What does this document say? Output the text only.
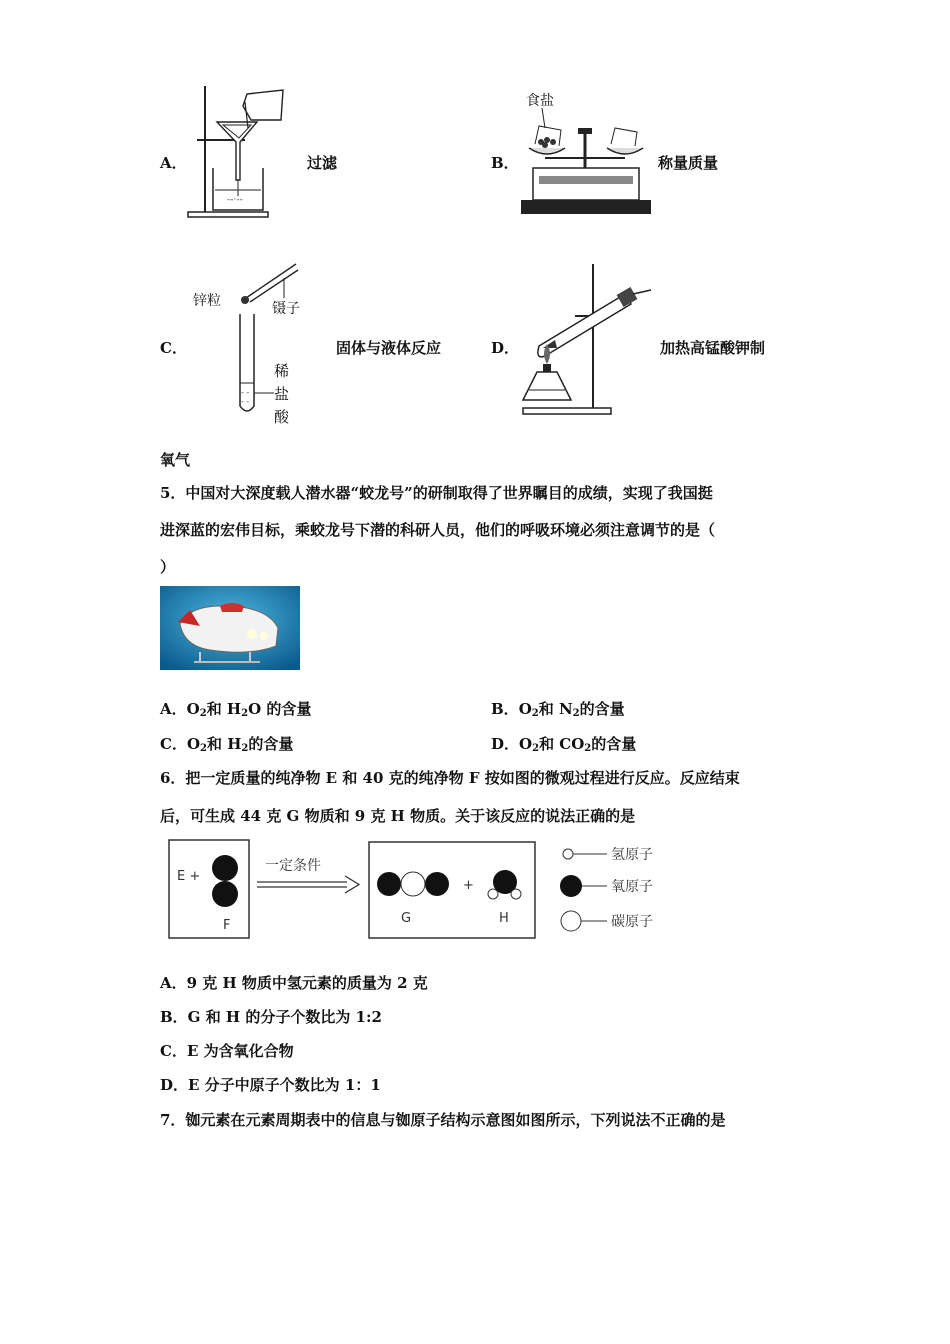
A．
--·--
过滤	B．
食盐
称量质量
C．
锌粒	镊子
- -
- -
稀
盐
酸
固体与液体反应	D．	加热高锰酸钾制
氧气
5．中国对大深度载人潜水器“蛟龙号”的研制取得了世界瞩目的成绩，实现了我国挺
进深蓝的宏伟目标，乘蛟龙号下潜的科研人员，他们的呼吸环境必须注意调节的是（
）
A．$O_2$和 $H_2O$ 的含量	B．$O_2$和 $N_2$的含量
C．$O_2$和 $H_2$的含量	D．$O_2$和 $CO_2$的含量
6．把一定质量的纯净物 E 和 40 克的纯净物 F 按如图的微观过程进行反应。反应结束
后，可生成 44 克 G 物质和 9 克 H 物质。关于该反应的说法正确的是
E +
F
一定条件
G
+
H
氢原子
氧原子
碳原子
A．9 克 H 物质中氢元素的质量为 2 克
B．G 和 H 的分子个数比为 1:2
C．E 为含氧化合物
D．E 分子中原子个数比为 1：1
7．铷元素在元素周期表中的信息与铷原子结构示意图如图所示，下列说法不正确的是
